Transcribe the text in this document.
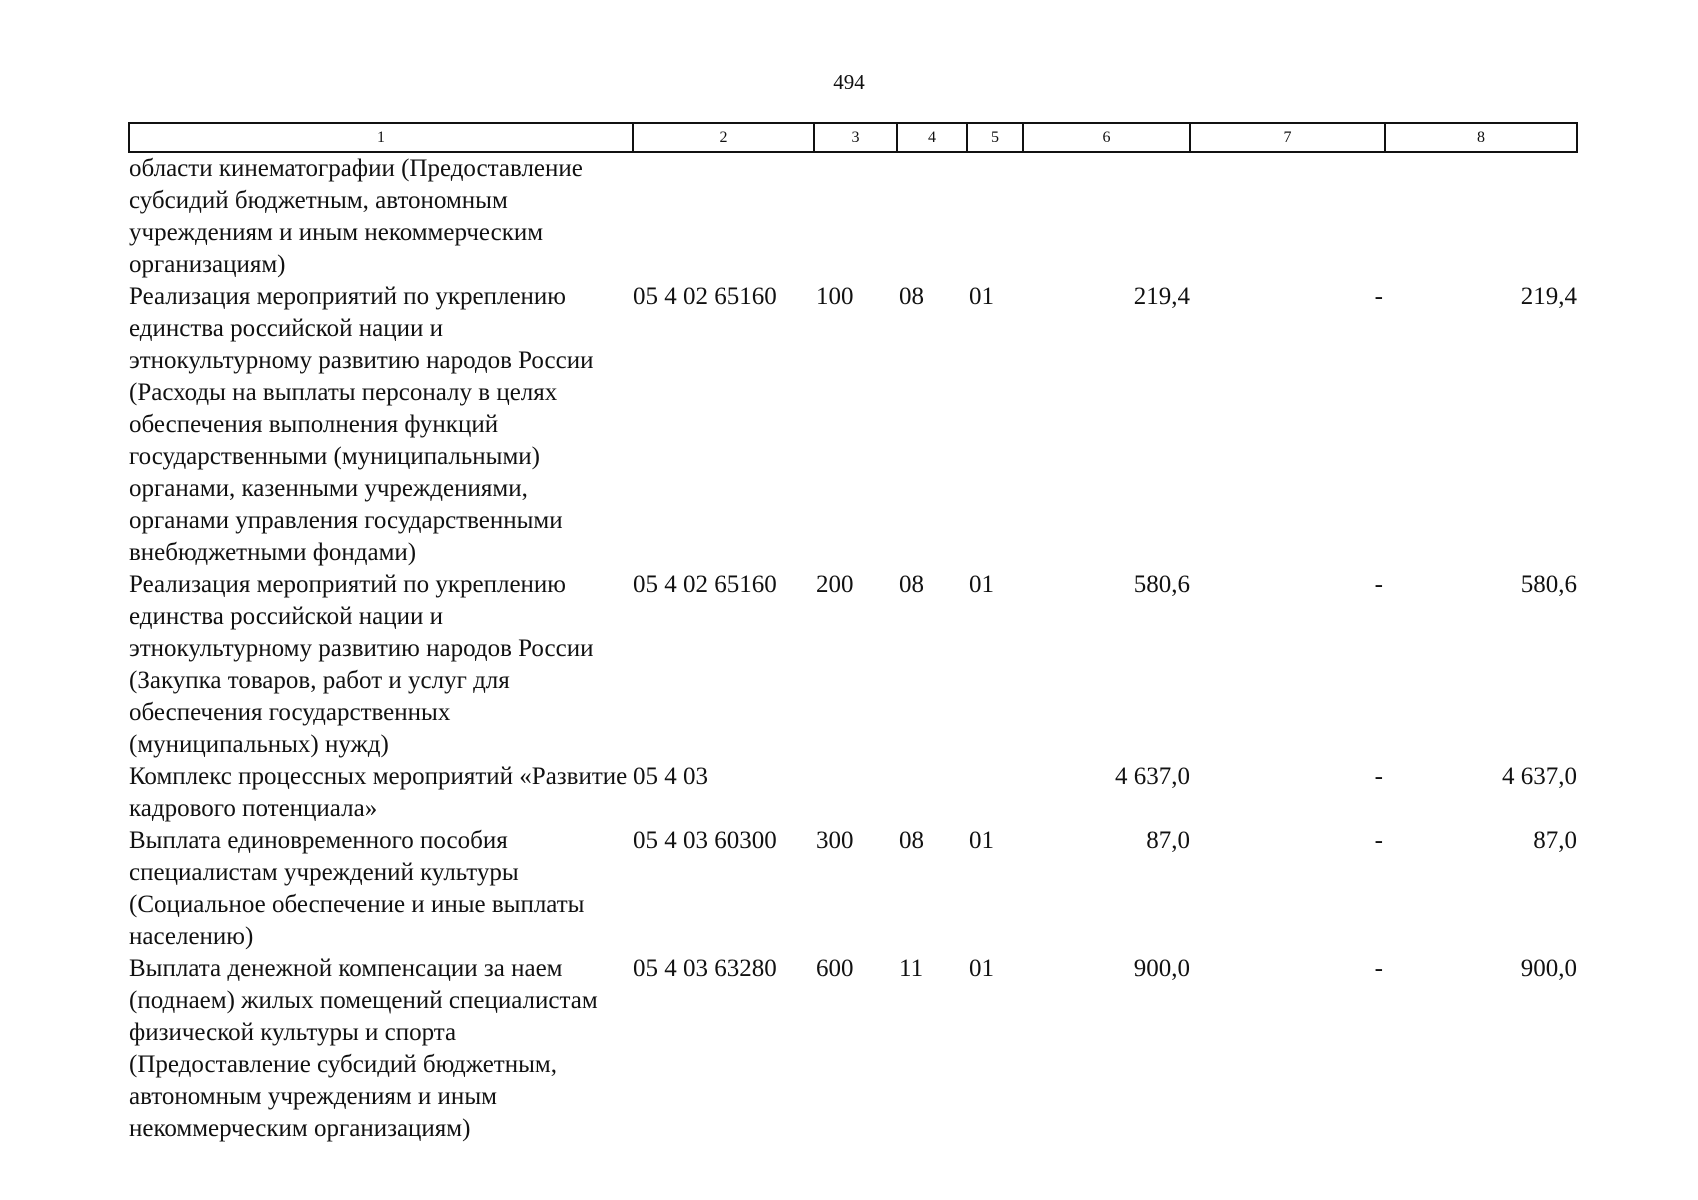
494
1	2	3	4	5	6	7	8
области кинематографии (Предоставление субсидий бюджетным, автономным учреждениям и иным некоммерческим организациям)							
Реализация мероприятий по укреплению единства российской нации и этнокультурному развитию народов России (Расходы на выплаты персоналу в целях обеспечения выполнения функций государственными (муниципальными) органами, казенными учреждениями, органами управления государственными внебюджетными фондами)	05 4 02 65160	100	08	01	219,4	-	219,4
Реализация мероприятий по укреплению единства российской нации и этнокультурному развитию народов России (Закупка товаров, работ и услуг для обеспечения государственных (муниципальных) нужд)	05 4 02 65160	200	08	01	580,6	-	580,6
Комплекс процессных мероприятий «Развитие кадрового потенциала»	05 4 03				4 637,0	-	4 637,0
Выплата единовременного пособия специалистам учреждений культуры (Социальное обеспечение и иные выплаты населению)	05 4 03 60300	300	08	01	87,0	-	87,0
Выплата денежной компенсации за наем (поднаем) жилых помещений специалистам физической культуры и спорта (Предоставление субсидий бюджетным, автономным учреждениям и иным некоммерческим организациям)	05 4 03 63280	600	11	01	900,0	-	900,0
